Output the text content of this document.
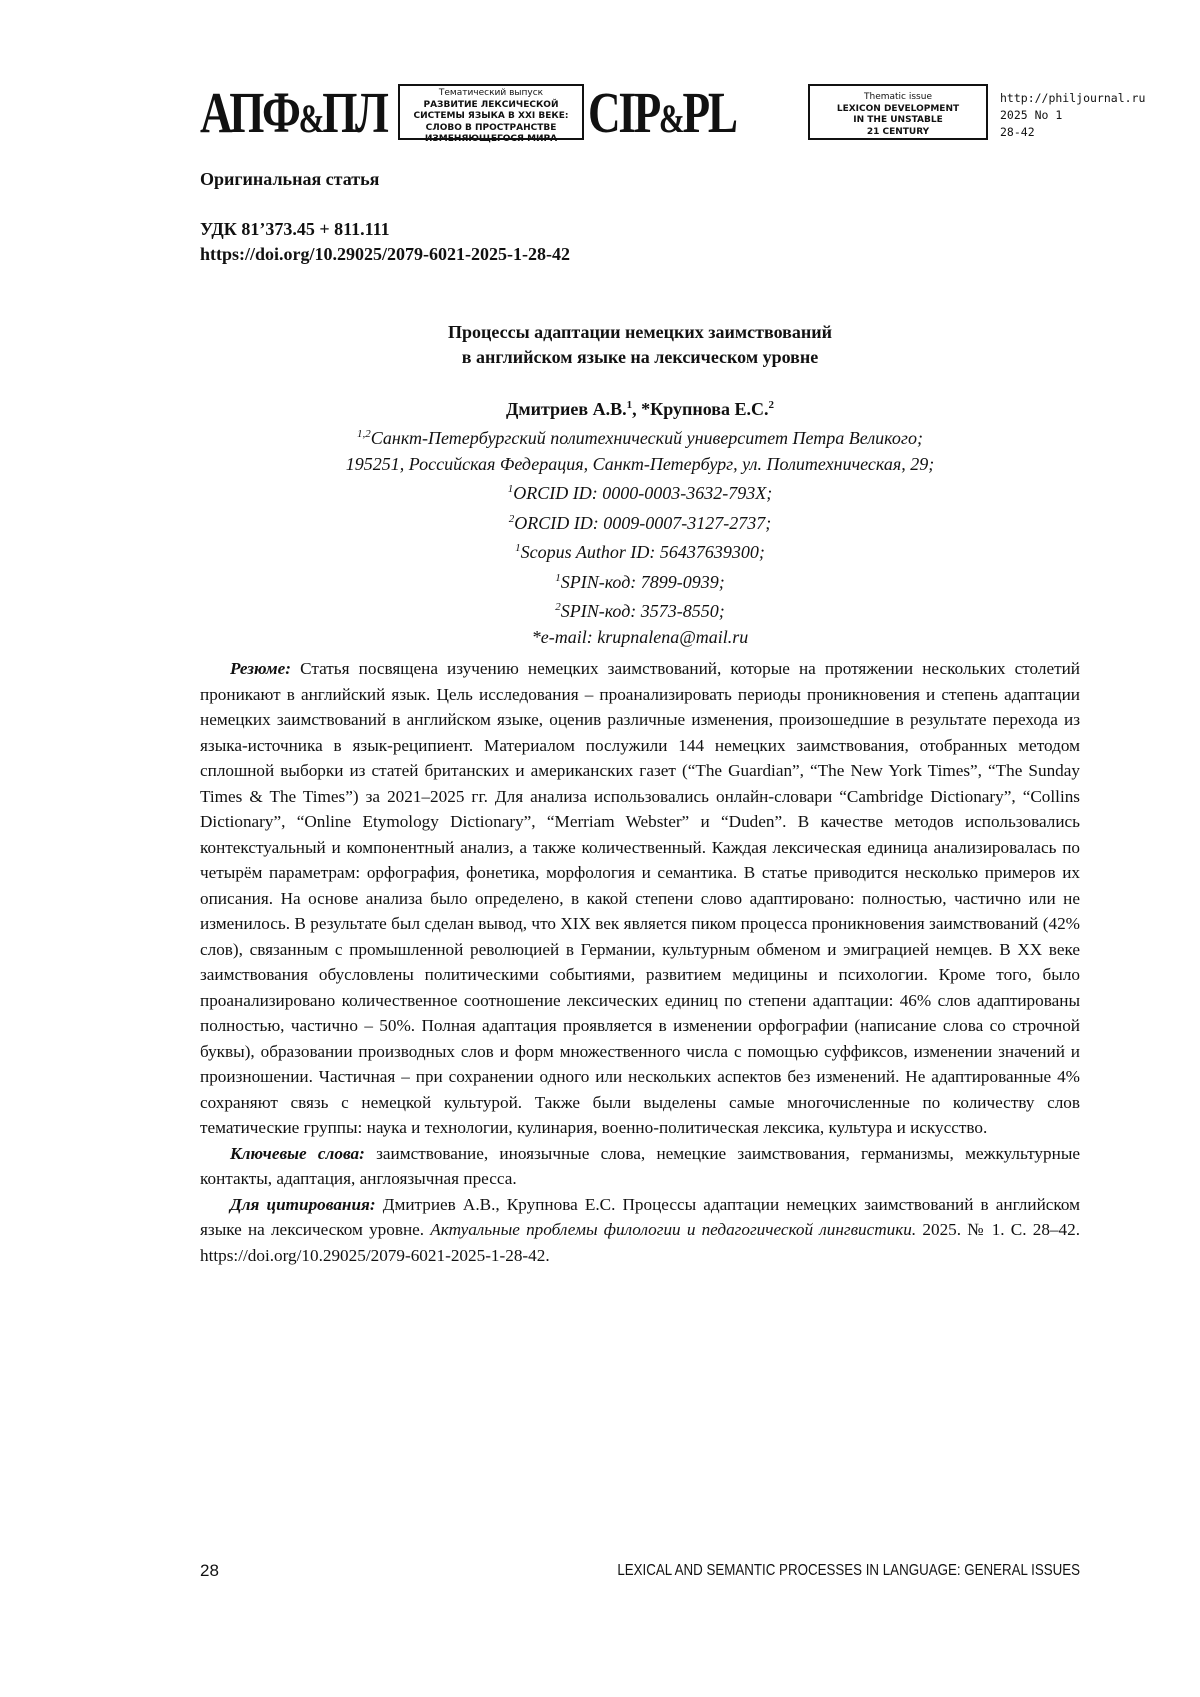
АПФ&ПЛ	Тематический выпуск
РАЗВИТИЕ ЛЕКСИЧЕСКОЙ
СИСТЕМЫ ЯЗЫКА В XXI ВЕКЕ:
СЛОВО В ПРОСТРАНСТВЕ
ИЗМЕНЯЮЩЕГОСЯ МИРА CIP&PL	Thematic issue
LEXICON DEVELOPMENT
IN THE UNSTABLE
21 CENTURY
http://philjournal.ru
2025 No 1
28-42
Оригинальная статья
УДК 81’373.45 + 811.111
https://doi.org/10.29025/2079-6021-2025-1-28-42
Процессы адаптации немецких заимствований
в английском языке на лексическом уровне
Дмитриев А.В.$^1$, *Крупнова Е.С.$^2$
$^{1,2}$Санкт-Петербургский политехнический университет Петра Великого;
195251, Российская Федерация, Санкт-Петербург, ул. Политехническая, 29;
$^1$ORCID ID: 0000-0003-3632-793X;
$^2$ORCID ID: 0009-0007-3127-2737;
$^1$Scopus Author ID: 56437639300;
$^1$SPIN-код: 7899-0939;
$^2$SPIN-код: 3573-8550;
*e-mail: krupnalena@mail.ru

Резюме: Статья посвящена изучению немецких заимствований, которые на протяжении нескольких столетий проникают в английский язык. Цель исследования – проанализировать периоды проникновения и степень адаптации немецких заимствований в английском языке, оценив различные изменения, произошедшие в результате перехода из языка-источника в язык-реципиент. Материалом послужили 144 немецких заимствования, отобранных методом сплошной выборки из статей британских и американских газет (“The Guardian”, “The New York Times”, “The Sunday Times & The Times”) за 2021–2025 гг. Для анализа использовались онлайн-словари “Cambridge Dictionary”, “Collins Dictionary”, “Online Etymology Dictionary”, “Merriam Webster” и “Duden”. В качестве методов использовались контекстуальный и компонентный анализ, а также количественный. Каждая лексическая единица анализировалась по четырём параметрам: орфография, фонетика, морфология и семантика. В статье приводится несколько примеров их описания. На основе анализа было определено, в какой степени слово адаптировано: полностью, частично или не изменилось. В результате был сделан вывод, что XIX век является пиком процесса проникновения заимствований (42% слов), связанным с промышленной революцией в Германии, культурным обменом и эмиграцией немцев. В XX веке заимствования обусловлены политическими событиями, развитием медицины и психологии. Кроме того, было проанализировано количественное соотношение лексических единиц по степени адаптации: 46% слов адаптированы полностью, частично – 50%. Полная адаптация проявляется в изменении орфографии (написание слова со строчной буквы), образовании производных слов и форм множественного числа с помощью суффиксов, изменении значений и произношении. Частичная – при сохранении одного или нескольких аспектов без изменений. Не адаптированные 4% сохраняют связь с немецкой культурой. Также были выделены самые многочисленные по количеству слов тематические группы: наука и технологии, кулинария, военно-политическая лексика, культура и искусство.

Ключевые слова: заимствование, иноязычные слова, немецкие заимствования, германизмы, межкультурные контакты, адаптация, англоязычная пресса.

Для цитирования: Дмитриев А.В., Крупнова Е.С. Процессы адаптации немецких заимствований в английском языке на лексическом уровне. Актуальные проблемы филологии и педагогической лингвистики. 2025. № 1. С. 28–42. https://doi.org/10.29025/2079-6021-2025-1-28-42.

28	LEXICAL AND SEMANTIC PROCESSES IN LANGUAGE: GENERAL ISSUES
